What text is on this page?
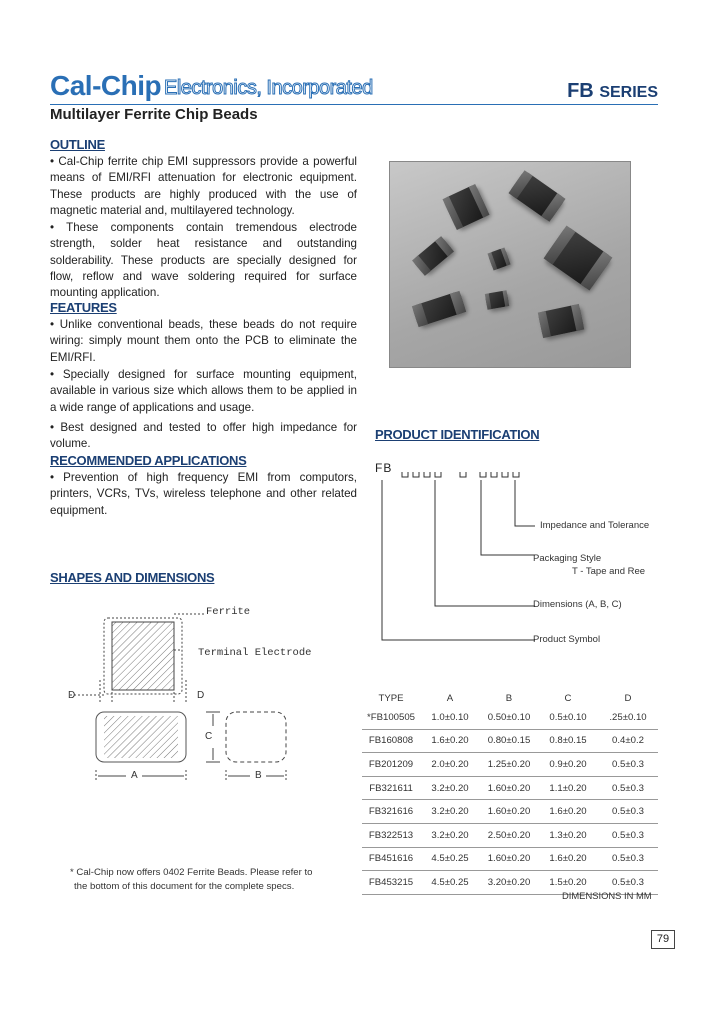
Cal-Chip Electronics, Incorporated	FB SERIES
Multilayer Ferrite Chip Beads
OUTLINE
• Cal-Chip ferrite chip EMI suppressors provide a powerful means of EMI/RFI attenuation for electronic equipment. These products are highly produced with the use of magnetic material and, multilayered technology.
• These components contain tremendous electrode strength, solder heat resistance and outstanding solderability. These products are specially designed for flow, reflow and wave soldering required for surface mounting application.
FEATURES
• Unlike conventional beads, these beads do not require wiring: simply mount them onto the PCB to eliminate the EMI/RFI.
• Specially designed for surface mounting equipment, available in various size which allows them to be applied in a wide range of applications and usage.
• Best designed and tested to offer high impedance for volume.
RECOMMENDED APPLICATIONS
• Prevention of high frequency EMI from computors, printers, VCRs, TVs, wireless telephone and other related equipment.
PRODUCT IDENTIFICATION
FB
Impedance and Tolerance
Packaging Style
T - Tape and Ree
Dimensions (A, B, C)
Product Symbol
SHAPES AND DIMENSIONS
Ferrite
Terminal Electrode
D	D
C
A	B
TYPE	A	B	C	D
*FB100505	1.0±0.10	0.50±0.10	0.5±0.10	.25±0.10
FB160808	1.6±0.20	0.80±0.15	0.8±0.15	0.4±0.2
FB201209	2.0±0.20	1.25±0.20	0.9±0.20	0.5±0.3
FB321611	3.2±0.20	1.60±0.20	1.1±0.20	0.5±0.3
FB321616	3.2±0.20	1.60±0.20	1.6±0.20	0.5±0.3
FB322513	3.2±0.20	2.50±0.20	1.3±0.20	0.5±0.3
FB451616	4.5±0.25	1.60±0.20	1.6±0.20	0.5±0.3
FB453215	4.5±0.25	3.20±0.20	1.5±0.20	0.5±0.3
* Cal-Chip now offers 0402 Ferrite Beads. Please refer to
the bottom of this document for the complete specs.
DIMENSIONS IN MM
79
